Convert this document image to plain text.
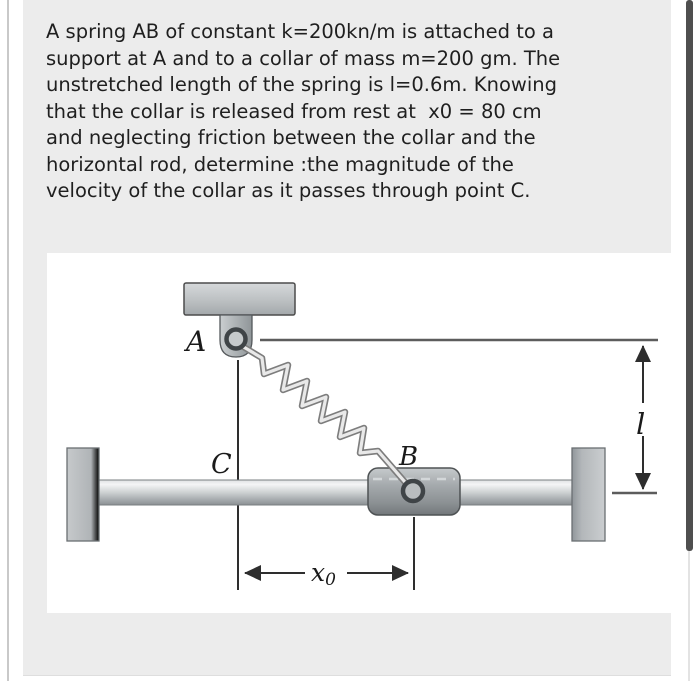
A spring AB of constant k=200kn/m is attached to a
support at A and to a collar of mass m=200 gm. The
unstretched length of the spring is l=0.6m. Knowing
that the collar is released from rest at  x0 = 80 cm
and neglecting friction between the collar and the
horizontal rod, determine :the magnitude of the
velocity of the collar as it passes through point C.
A
B
C
x0
l
